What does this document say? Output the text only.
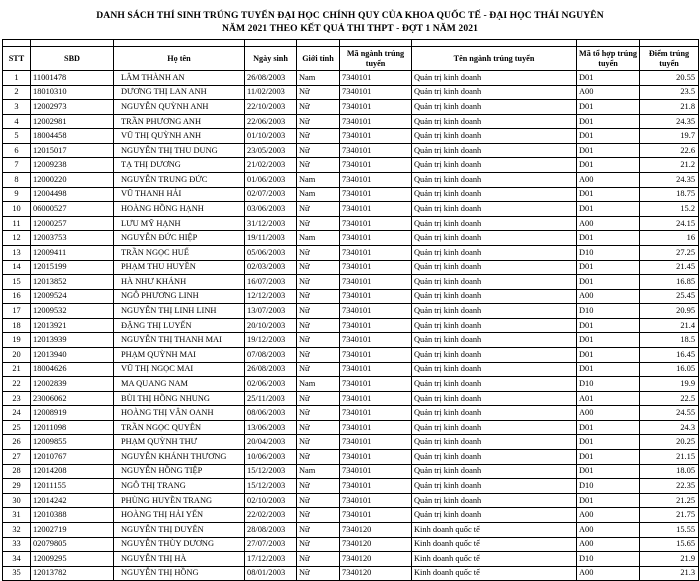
DANH SÁCH THÍ SINH TRÚNG TUYỂN ĐẠI HỌC CHÍNH QUY CỦA KHOA QUỐC TẾ - ĐẠI HỌC THÁI NGUYÊN
NĂM 2021 THEO KẾT QUẢ THI THPT - ĐỢT 1 NĂM 2021

STT	SBD	Họ tên	Ngày sinh	Giới tính	Mã ngành trúng tuyển	Tên ngành trúng tuyển	Mã tổ hợp trúng tuyển	Điểm trúng tuyển
1	11001478	LÂM THÀNH AN	26/08/2003	Nam	7340101	Quản trị kinh doanh	D01	20.55
2	18010310	DƯƠNG THỊ LAN ANH	11/02/2003	Nữ	7340101	Quản trị kinh doanh	A00	23.5
3	12002973	NGUYỄN QUỲNH ANH	22/10/2003	Nữ	7340101	Quản trị kinh doanh	D01	21.8
4	12002981	TRẦN PHƯƠNG ANH	22/06/2003	Nữ	7340101	Quản trị kinh doanh	D01	24.35
5	18004458	VŨ THỊ QUỲNH ANH	01/10/2003	Nữ	7340101	Quản trị kinh doanh	D01	19.7
6	12015017	NGUYỄN THỊ THU DUNG	23/05/2003	Nữ	7340101	Quản trị kinh doanh	D01	22.6
7	12009238	TẠ THỊ DƯƠNG	21/02/2003	Nữ	7340101	Quản trị kinh doanh	D01	21.2
8	12000220	NGUYỄN TRUNG ĐỨC	01/06/2003	Nam	7340101	Quản trị kinh doanh	A00	24.35
9	12004498	VŨ THANH HẢI	02/07/2003	Nam	7340101	Quản trị kinh doanh	D01	18.75
10	06000527	HOÀNG HỒNG HẠNH	03/06/2003	Nữ	7340101	Quản trị kinh doanh	D01	15.2
11	12000257	LƯU MỸ HẠNH	31/12/2003	Nữ	7340101	Quản trị kinh doanh	A00	24.15
12	12003753	NGUYỄN ĐỨC HIỆP	19/11/2003	Nam	7340101	Quản trị kinh doanh	D01	16
13	12009411	TRẦN NGỌC HUẾ	05/06/2003	Nữ	7340101	Quản trị kinh doanh	D10	27.25
14	12015199	PHẠM THU HUYỀN	02/03/2003	Nữ	7340101	Quản trị kinh doanh	D01	21.45
15	12013852	HÀ NHƯ KHÁNH	16/07/2003	Nữ	7340101	Quản trị kinh doanh	D01	16.85
16	12009524	NGÔ PHƯƠNG LINH	12/12/2003	Nữ	7340101	Quản trị kinh doanh	A00	25.45
17	12009532	NGUYỄN THỊ LINH LINH	13/07/2003	Nữ	7340101	Quản trị kinh doanh	D10	20.95
18	12013921	ĐẶNG THỊ LUYẾN	20/10/2003	Nữ	7340101	Quản trị kinh doanh	D01	21.4
19	12013939	NGUYỄN THỊ THANH MAI	19/12/2003	Nữ	7340101	Quản trị kinh doanh	D01	18.5
20	12013940	PHẠM QUỲNH MAI	07/08/2003	Nữ	7340101	Quản trị kinh doanh	D01	16.45
21	18004626	VŨ THỊ NGỌC MAI	26/08/2003	Nữ	7340101	Quản trị kinh doanh	D01	16.05
22	12002839	MA QUANG NAM	02/06/2003	Nam	7340101	Quản trị kinh doanh	D10	19.9
23	23006062	BÙI THỊ HỒNG NHUNG	25/11/2003	Nữ	7340101	Quản trị kinh doanh	A01	22.5
24	12008919	HOÀNG THỊ VÂN OANH	08/06/2003	Nữ	7340101	Quản trị kinh doanh	A00	24.55
25	12011098	TRẦN NGỌC QUYÊN	13/06/2003	Nữ	7340101	Quản trị kinh doanh	D01	24.3
26	12009855	PHẠM QUỲNH THƯ	20/04/2003	Nữ	7340101	Quản trị kinh doanh	D01	20.25
27	12010767	NGUYỄN KHÁNH THƯƠNG	10/06/2003	Nữ	7340101	Quản trị kinh doanh	D01	21.15
28	12014208	NGUYỄN HỒNG TIỆP	15/12/2003	Nam	7340101	Quản trị kinh doanh	D01	18.05
29	12011155	NGÔ THỊ TRANG	15/12/2003	Nữ	7340101	Quản trị kinh doanh	D10	22.35
30	12014242	PHÙNG HUYỀN TRANG	02/10/2003	Nữ	7340101	Quản trị kinh doanh	D01	21.25
31	12010388	HOÀNG THỊ HẢI YẾN	22/02/2003	Nữ	7340101	Quản trị kinh doanh	A00	21.75
32	12002719	NGUYỄN THỊ DUYÊN	28/08/2003	Nữ	7340120	Kinh doanh quốc tế	A00	15.55
33	02079805	NGUYỄN THÙY DƯƠNG	27/07/2003	Nữ	7340120	Kinh doanh quốc tế	A00	15.65
34	12009295	NGUYỄN THỊ HÀ	17/12/2003	Nữ	7340120	Kinh doanh quốc tế	D10	21.9
35	12013782	NGUYỄN THỊ HỒNG	08/01/2003	Nữ	7340120	Kinh doanh quốc tế	A00	21.3
